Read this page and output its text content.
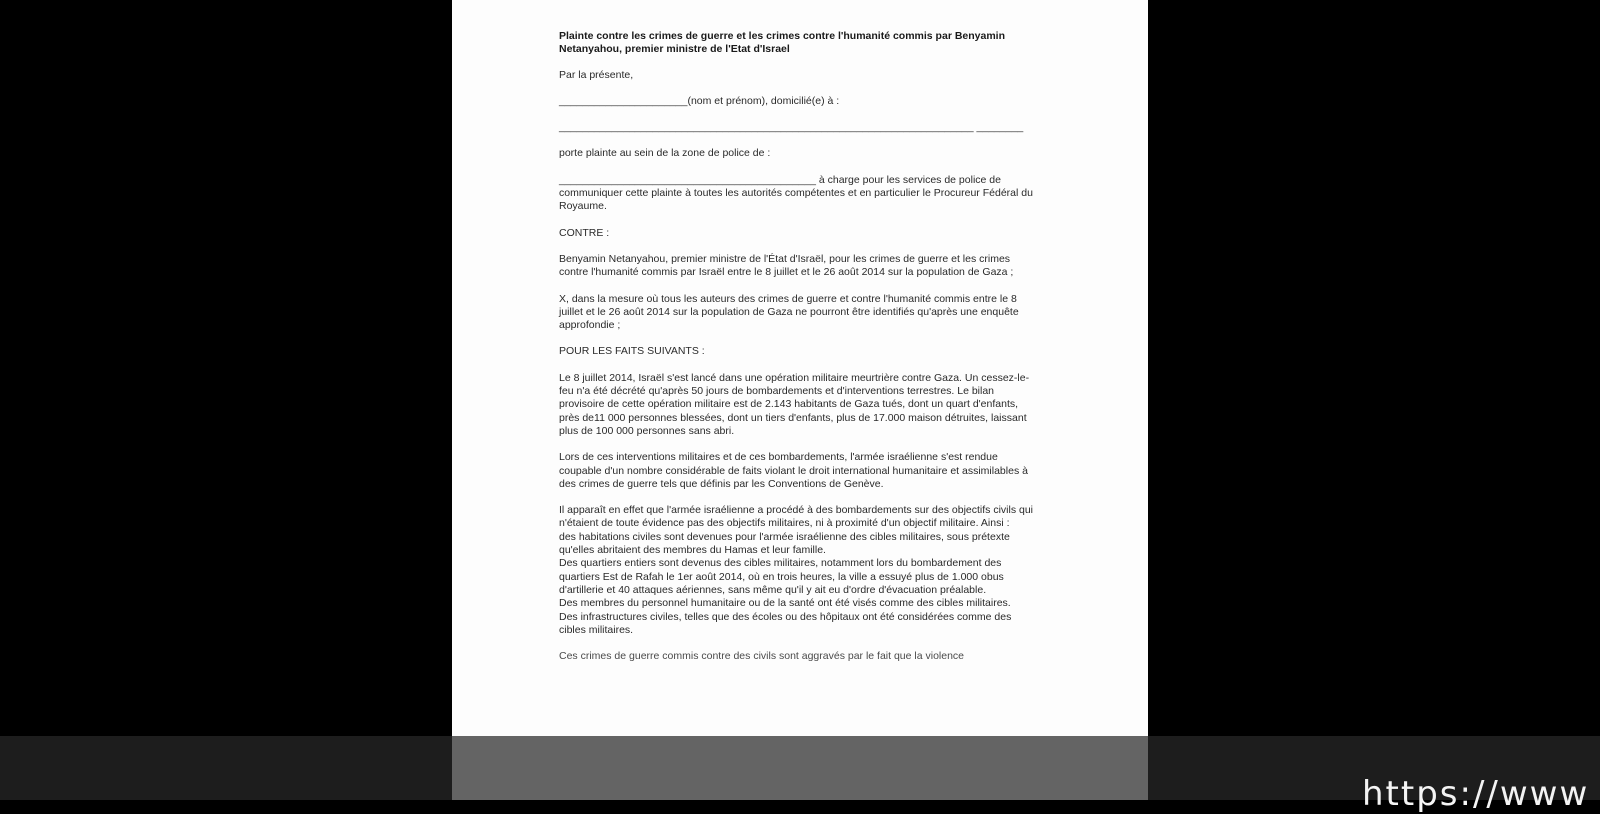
Plainte contre les crimes de guerre et les crimes contre l'humanité commis par Benyamin Netanyahou, premier ministre de l'Etat d'Israel

Par la présente,

______________________(nom et prénom), domicilié(e) à :

_______________________________________________________________________ ________

porte plainte au sein de la zone de police de :

____________________________________________ à charge pour les services de police de communiquer cette plainte à toutes les autorités compétentes et en particulier le Procureur Fédéral du Royaume.

CONTRE :

Benyamin Netanyahou, premier ministre de l'État d'Israël, pour les crimes de guerre et les crimes contre l'humanité commis par Israël entre le 8 juillet et le 26 août 2014 sur la population de Gaza ;

X, dans la mesure où tous les auteurs des crimes de guerre et contre l'humanité commis entre le 8 juillet et le 26 août 2014 sur la population de Gaza ne pourront être identifiés qu'après une enquête approfondie ;

POUR LES FAITS SUIVANTS :

Le 8 juillet 2014, Israël s'est lancé dans une opération militaire meurtrière contre Gaza. Un cessez-le-feu n'a été décrété qu'après 50 jours de bombardements et d'interventions terrestres. Le bilan provisoire de cette opération militaire est de 2.143 habitants de Gaza tués, dont un quart d'enfants, près de11 000 personnes blessées, dont un tiers d'enfants, plus de 17.000 maison détruites, laissant plus de 100 000 personnes sans abri.

Lors de ces interventions militaires et de ces bombardements, l'armée israélienne s'est rendue coupable d'un nombre considérable de faits violant le droit international humanitaire et assimilables à des crimes de guerre tels que définis par les Conventions de Genève.

Il apparaît en effet que l'armée israélienne a procédé à des bombardements sur des objectifs civils qui n'étaient de toute évidence pas des objectifs militaires, ni à proximité d'un objectif militaire. Ainsi :

des habitations civiles sont devenues pour l'armée israélienne des cibles militaires, sous prétexte qu'elles abritaient des membres du Hamas et leur famille.

Des quartiers entiers sont devenus des cibles militaires, notamment lors du bombardement des quartiers Est de Rafah le 1er août 2014, où en trois heures, la ville a essuyé plus de 1.000 obus d'artillerie et 40 attaques aériennes, sans même qu'il y ait eu d'ordre d'évacuation préalable.

Des membres du personnel humanitaire ou de la santé ont été visés comme des cibles militaires.

Des infrastructures civiles, telles que des écoles ou des hôpitaux ont été considérées comme des cibles militaires.

Ces crimes de guerre commis contre des civils sont aggravés par le fait que la violence

https://www
